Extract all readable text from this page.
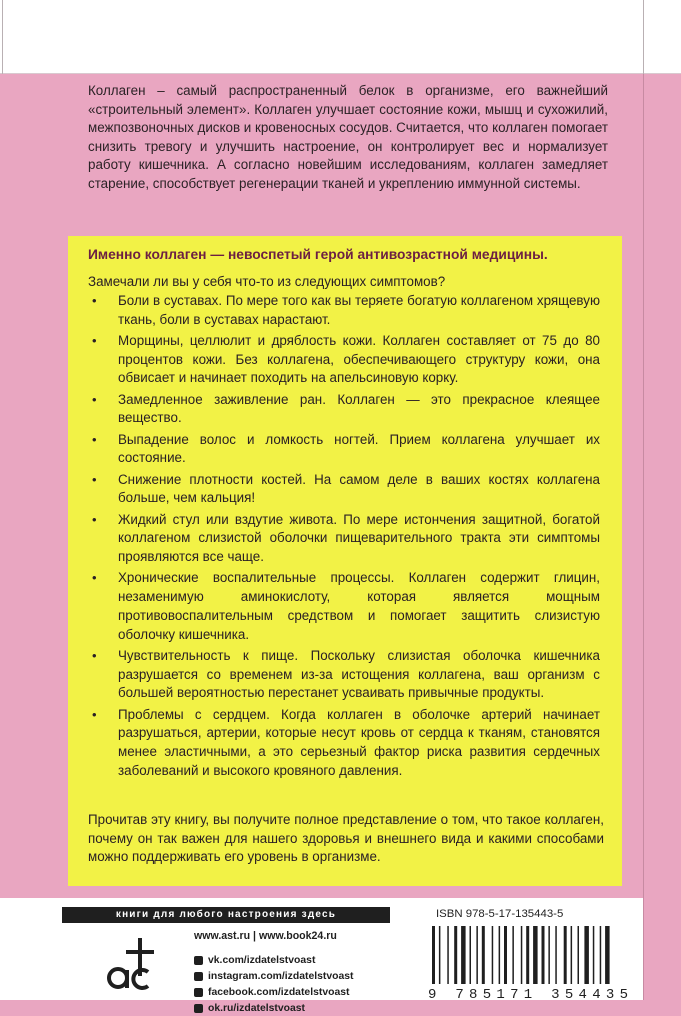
Коллаген – самый распространенный белок в организме, его важнейший «строительный элемент». Коллаген улучшает состояние кожи, мышц и сухожилий, межпозвоночных дисков и кровеносных сосудов. Считается, что коллаген помогает снизить тревогу и улучшить настроение, он контролирует вес и нормализует работу кишечника. А согласно новейшим исследованиям, коллаген замедляет старение, способствует регенерации тканей и укреплению иммунной системы.

Именно коллаген — невоспетый герой антивозрастной медицины.

Замечали ли вы у себя что-то из следующих симптомов?

• Боли в суставах. По мере того как вы теряете богатую коллагеном хрящевую ткань, боли в суставах нарастают.
• Морщины, целлюлит и дряблость кожи. Коллаген составляет от 75 до 80 процентов кожи. Без коллагена, обеспечивающего структуру кожи, она обвисает и начинает походить на апельсиновую корку.
• Замедленное заживление ран. Коллаген — это прекрасное клеящее вещество.
• Выпадение волос и ломкость ногтей. Прием коллагена улучшает их состояние.
• Снижение плотности костей. На самом деле в ваших костях коллагена больше, чем кальция!
• Жидкий стул или вздутие живота. По мере истончения защитной, богатой коллагеном слизистой оболочки пищеварительного тракта эти симптомы проявляются все чаще.
• Хронические воспалительные процессы. Коллаген содержит глицин, незаменимую аминокислоту, которая является мощным противовоспалительным средством и помогает защитить слизистую оболочку кишечника.
• Чувствительность к пище. Поскольку слизистая оболочка кишечника разрушается со временем из-за истощения коллагена, ваш организм с большей вероятностью перестанет усваивать привычные продукты.
• Проблемы с сердцем. Когда коллаген в оболочке артерий начинает разрушаться, артерии, которые несут кровь от сердца к тканям, становятся менее эластичными, а это серьезный фактор риска развития сердечных заболеваний и высокого кровяного давления.

Прочитав эту книгу, вы получите полное представление о том, что такое коллаген, почему он так важен для нашего здоровья и внешнего вида и какими способами можно поддерживать его уровень в организме.

книги для любого настроения здесь
www.ast.ru | www.book24.ru
vk.com/izdatelstvoast
instagram.com/izdatelstvoast
facebook.com/izdatelstvoast
ok.ru/izdatelstvoast
ISBN 978-5-17-135443-5
9 785171 354435
